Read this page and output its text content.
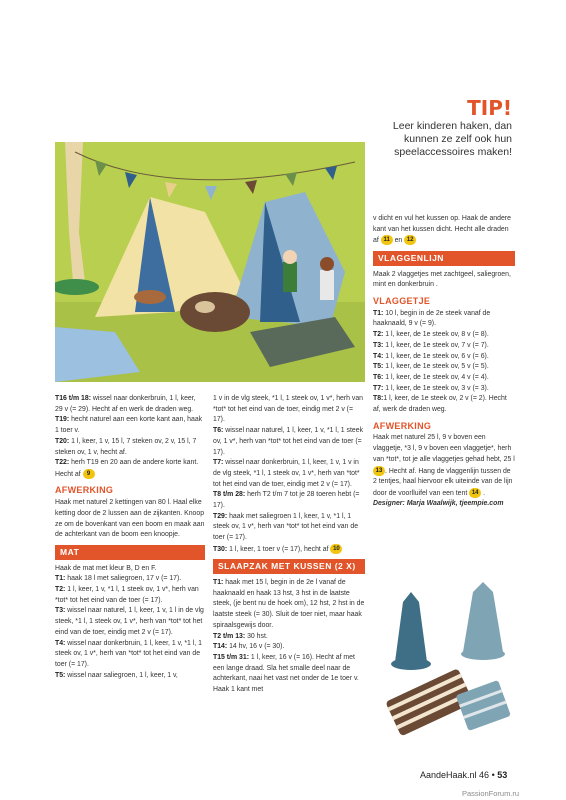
TIP!
Leer kinderen haken, dan kunnen ze zelf ook hun speelaccessoires maken!

T16 t/m 18: wissel naar donkerbruin, 1 l, keer, 29 v (= 29). Hecht af en werk de draden weg.

T19: hecht naturel aan een korte kant aan, haak 1 toer v.

T20: 1 l, keer, 1 v, 15 l, 7 steken ov, 2 v, 15 l, 7 steken ov, 1 v, hecht af.

T22: herh T19 en 20 aan de andere korte kant. Hecht af 9

AFWERKING

Haak met naturel 2 kettingen van 80 l. Haal elke ketting door de 2 lussen aan de zijkanten. Knoop ze om de bovenkant van een boom en maak aan de achterkant van de boom een knoopje.

MAT

Haak de mat met kleur B, D en F.

T1: haak 18 l met saliegroen, 17 v (= 17).

T2: 1 l, keer, 1 v, *1 l, 1 steek ov, 1 v*, herh van *tot* tot het eind van de toer (= 17).

T3: wissel naar naturel, 1 l, keer, 1 v, 1 l in de vlg steek, *1 l, 1 steek ov, 1 v*, herh van *tot* tot het eind van de toer, eindig met 2 v (= 17).

T4: wissel naar donkerbruin, 1 l, keer, 1 v, *1 l, 1 steek ov, 1 v*, herh van *tot* tot het eind van de toer (= 17).

T5: wissel naar saliegroen, 1 l, keer, 1 v,

1 v in de vlg steek, *1 l, 1 steek ov, 1 v*, herh van *tot* tot het eind van de toer, eindig met 2 v (= 17).

T6: wissel naar naturel, 1 l, keer, 1 v, *1 l, 1 steek ov, 1 v*, herh van *tot* tot het eind van de toer (= 17).

T7: wissel naar donkerbruin, 1 l, keer, 1 v, 1 v in de vlg steek, *1 l, 1 steek ov, 1 v*, herh van *tot* tot het eind van de toer, eindig met 2 v (= 17).

T8 t/m 28: herh T2 t/m 7 tot je 28 toeren hebt (= 17).

T29: haak met saliegroen 1 l, keer, 1 v, *1 l, 1 steek ov, 1 v*, herh van *tot* tot het eind van de toer (= 17).

T30: 1 l, keer, 1 toer v (= 17), hecht af 10

SLAAPZAK MET KUSSEN (2 X)

T1: haak met 15 l, begin in de 2e l vanaf de haaknaald en haak 13 hst, 3 hst in de laatste steek, (je bent nu de hoek om), 12 hst, 2 hst in de laatste steek (= 30). Sluit de toer niet, maar haak spiraalsgewijs door.

T2 t/m 13: 30 hst.

T14: 14 hv, 16 v (= 30).

T15 t/m 31: 1 l, keer, 16 v (= 16). Hecht af met een lange draad. Sla het smalle deel naar de achterkant, naai het vast net onder de 1e toer v. Haak 1 kant met

v dicht en vul het kussen op. Haak de andere kant van het kussen dicht. Hecht alle draden af 11 en 12

VLAGGENLIJN

Maak 2 vlaggetjes met zachtgeel, saliegroen, mint en donkerbruin .

VLAGGETJE

T1: 10 l, begin in de 2e steek vanaf de haaknaald, 9 v (= 9).

T2: 1 l, keer, de 1e steek ov, 8 v (= 8).

T3: 1 l, keer, de 1e steek ov, 7 v (= 7).

T4: 1 l, keer, de 1e steek ov, 6 v (= 6).

T5: 1 l, keer, de 1e steek ov, 5 v (= 5).

T6: 1 l, keer, de 1e steek ov, 4 v (= 4).

T7: 1 l, keer, de 1e steek ov, 3 v (= 3).

T8:1 l, keer, de 1e steek ov, 2 v (= 2). Hecht af, werk de draden weg.

AFWERKING

Haak met naturel 25 l, 9 v boven een vlaggetje, *3 l, 9 v boven een vlaggetje*, herh van *tot*, tot je alle vlaggetjes gehad hebt, 25 l 13 . Hecht af. Hang de vlaggenlijn tussen de 2 tentjes, haal hiervoor elk uiteinde van de lijn door de voorlluifel van een tent 14 .

Designer: Marja Waalwijk, tjeempie.com

AandeHaak.nl 46 • 53
PassionForum.ru
